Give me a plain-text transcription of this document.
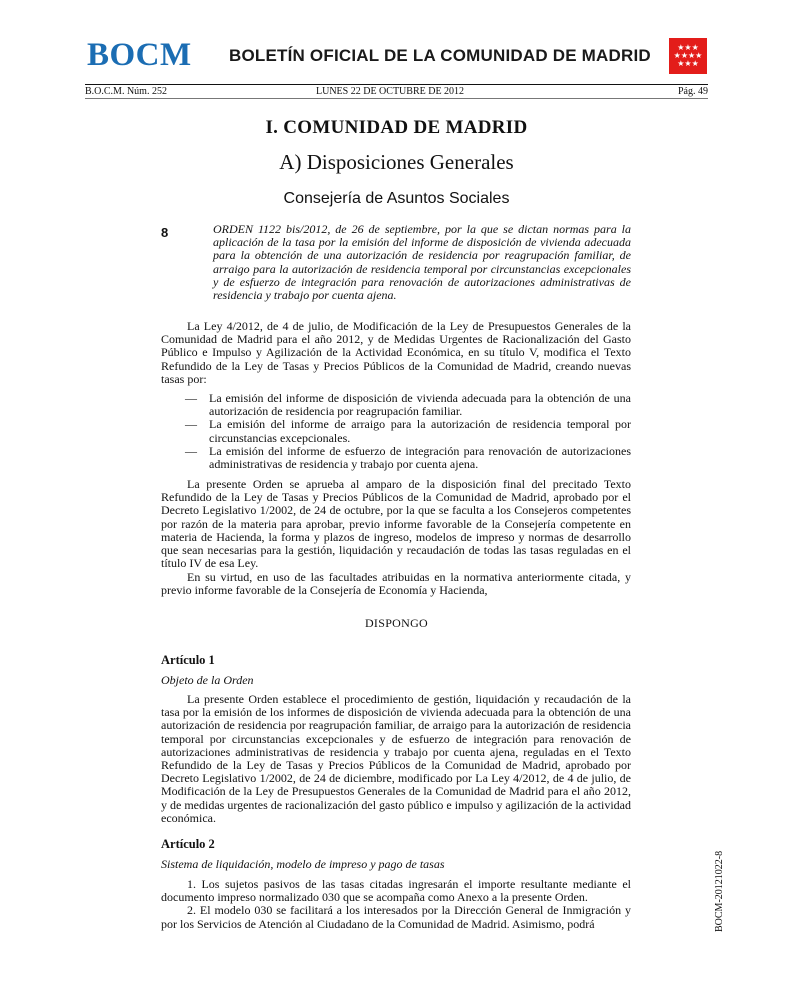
BOCM BOLETÍN OFICIAL DE LA COMUNIDAD DE MADRID	★★★
★★★★
★★★
B.O.C.M. Núm. 252	LUNES 22 DE OCTUBRE DE 2012	Pág. 49
I. COMUNIDAD DE MADRID
A) Disposiciones Generales
Consejería de Asuntos Sociales
8	ORDEN 1122 bis/2012, de 26 de septiembre, por la que se dictan normas para la aplicación de la tasa por la emisión del informe de disposición de vivienda adecuada para la obtención de una autorización de residencia por reagrupación familiar, de arraigo para la autorización de residencia temporal por circunstancias excepcionales y de esfuerzo de integración para renovación de autorizaciones administrativas de residencia y trabajo por cuenta ajena.
La Ley 4/2012, de 4 de julio, de Modificación de la Ley de Presupuestos Generales de la Comunidad de Madrid para el año 2012, y de Medidas Urgentes de Racionalización del Gasto Público e Impulso y Agilización de la Actividad Económica, en su título V, modifica el Texto Refundido de la Ley de Tasas y Precios Públicos de la Comunidad de Madrid, creando nuevas tasas por:
—	La emisión del informe de disposición de vivienda adecuada para la obtención de una autorización de residencia por reagrupación familiar.
—	La emisión del informe de arraigo para la autorización de residencia temporal por circunstancias excepcionales.
—	La emisión del informe de esfuerzo de integración para renovación de autorizaciones administrativas de residencia y trabajo por cuenta ajena.
La presente Orden se aprueba al amparo de la disposición final del precitado Texto Refundido de la Ley de Tasas y Precios Públicos de la Comunidad de Madrid, aprobado por el Decreto Legislativo 1/2002, de 24 de octubre, por la que se faculta a los Consejeros competentes por razón de la materia para aprobar, previo informe favorable de la Consejería competente en materia de Hacienda, la forma y plazos de ingreso, modelos de impreso y normas de desarrollo que sean necesarias para la gestión, liquidación y recaudación de todas las tasas reguladas en el título IV de esa Ley.
En su virtud, en uso de las facultades atribuidas en la normativa anteriormente citada, y previo informe favorable de la Consejería de Economía y Hacienda,
DISPONGO
Artículo 1
Objeto de la Orden
La presente Orden establece el procedimiento de gestión, liquidación y recaudación de la tasa por la emisión de los informes de disposición de vivienda adecuada para la obtención de una autorización de residencia por reagrupación familiar, de arraigo para la autorización de residencia temporal por circunstancias excepcionales y de esfuerzo de integración para renovación de autorizaciones administrativas de residencia y trabajo por cuenta ajena, reguladas en el Texto Refundido de la Ley de Tasas y Precios Públicos de la Comunidad de Madrid, aprobado por Decreto Legislativo 1/2002, de 24 de diciembre, modificado por La Ley 4/2012, de 4 de julio, de Modificación de la Ley de Presupuestos Generales de la Comunidad de Madrid para el año 2012, y de medidas urgentes de racionalización del gasto público e impulso y agilización de la actividad económica.
Artículo 2
Sistema de liquidación, modelo de impreso y pago de tasas
1. Los sujetos pasivos de las tasas citadas ingresarán el importe resultante mediante el documento impreso normalizado 030 que se acompaña como Anexo a la presente Orden.
2. El modelo 030 se facilitará a los interesados por la Dirección General de Inmigración y por los Servicios de Atención al Ciudadano de la Comunidad de Madrid. Asimismo, podrá	BOCM-20121022-8
